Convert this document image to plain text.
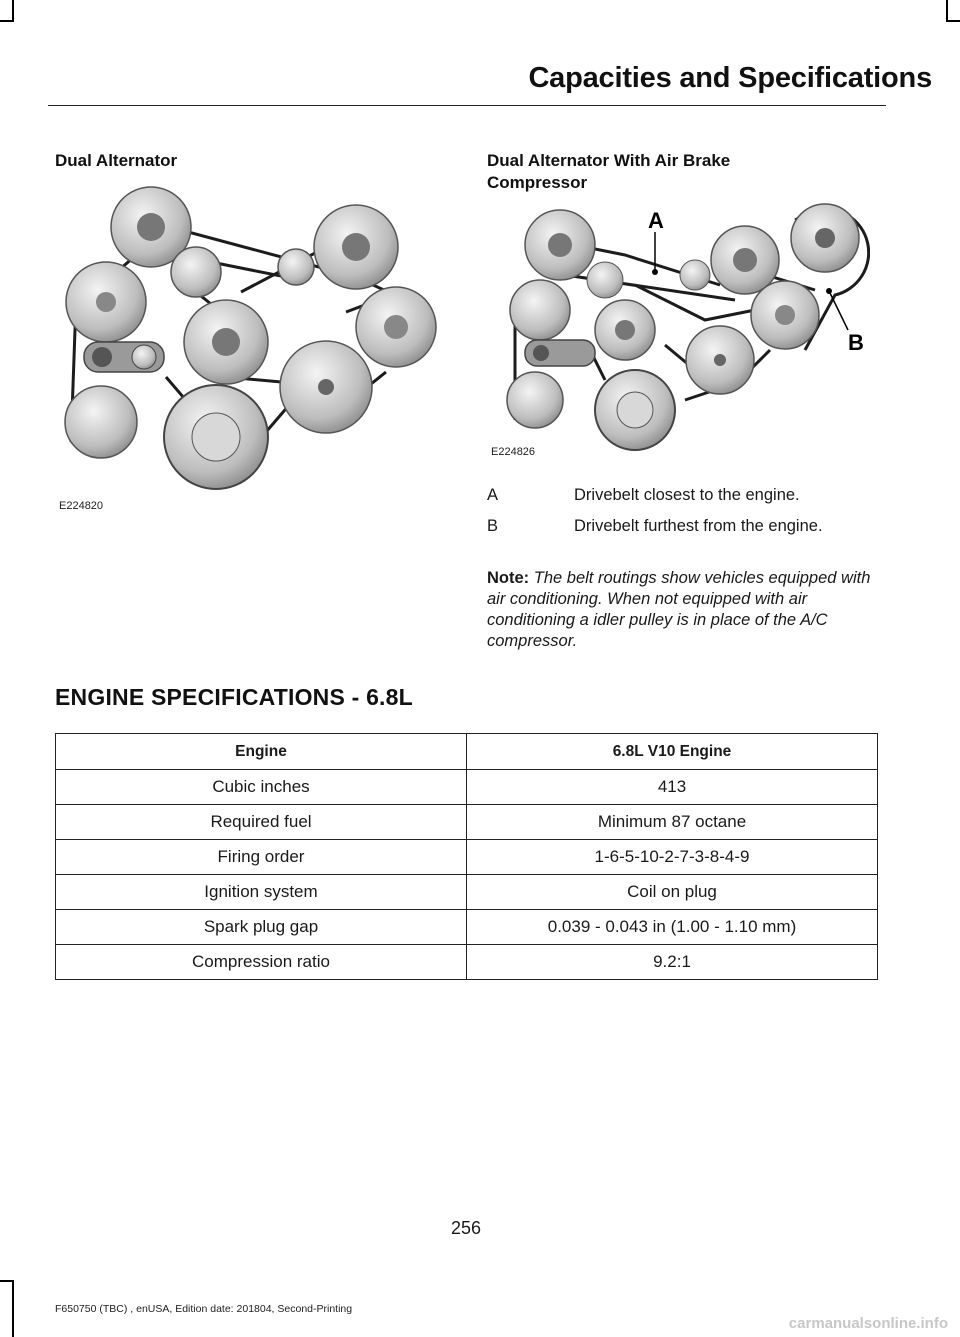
Capacities and Specifications
Dual Alternator
E224820
Dual Alternator With Air Brake Compressor
A
B
E224826
A	Drivebelt closest to the engine.
B	Drivebelt furthest from the engine.
Note: The belt routings show vehicles equipped with air conditioning. When not equipped with air conditioning a idler pulley is in place of the A/C compressor.
ENGINE SPECIFICATIONS - 6.8L
Engine	6.8L V10 Engine
Cubic inches	413
Required fuel	Minimum 87 octane
Firing order	1-6-5-10-2-7-3-8-4-9
Ignition system	Coil on plug
Spark plug gap	0.039 - 0.043 in (1.00 - 1.10 mm)
Compression ratio	9.2:1
256
F650750 (TBC) , enUSA, Edition date: 201804, Second-Printing
carmanualsonline.info
